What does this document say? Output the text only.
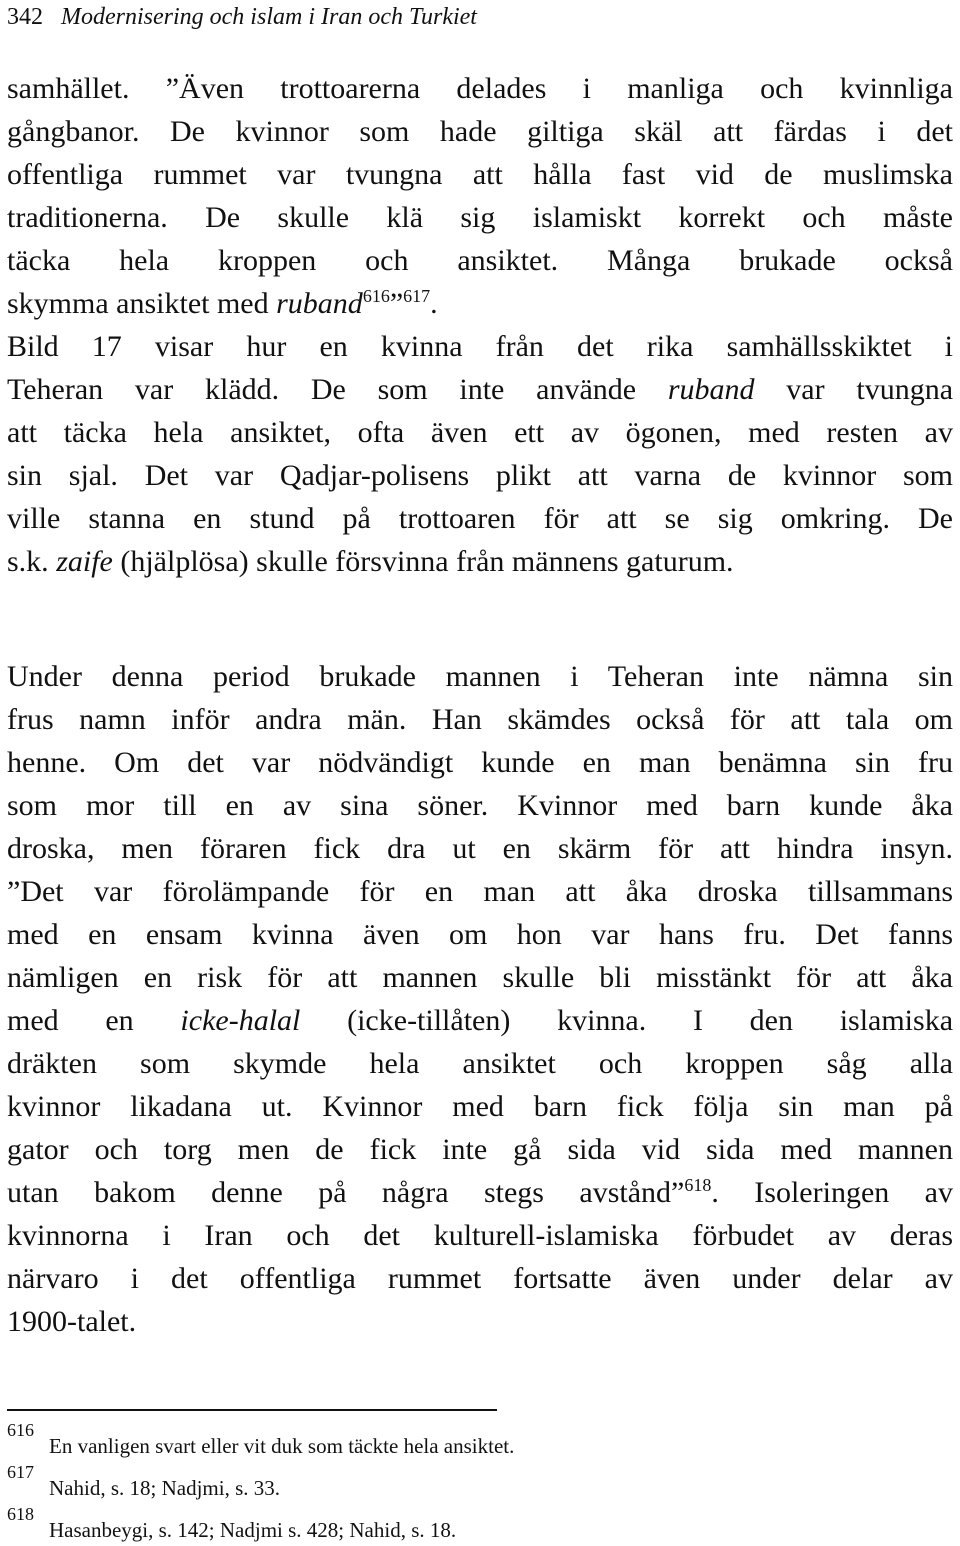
342 Modernisering och islam i Iran och Turkiet
samhället. ”Även trottoarerna delades i manliga och kvinnliga
gångbanor. De kvinnor som hade giltiga skäl att färdas i det
offentliga rummet var tvungna att hålla fast vid de muslimska
traditionerna. De skulle klä sig islamiskt korrekt och måste
täcka hela kroppen och ansiktet. Många brukade också
skymma ansiktet med ruband$^{616}$”$^{617}$.
Bild 17 visar hur en kvinna från det rika samhällsskiktet i
Teheran var klädd. De som inte använde ruband var tvungna
att täcka hela ansiktet, ofta även ett av ögonen, med resten av
sin sjal. Det var Qadjar-polisens plikt att varna de kvinnor som
ville stanna en stund på trottoaren för att se sig omkring. De
s.k. zaife (hjälplösa) skulle försvinna från männens gaturum.
Under denna period brukade mannen i Teheran inte nämna sin
frus namn inför andra män. Han skämdes också för att tala om
henne. Om det var nödvändigt kunde en man benämna sin fru
som mor till en av sina söner. Kvinnor med barn kunde åka
droska, men föraren fick dra ut en skärm för att hindra insyn.
”Det var förolämpande för en man att åka droska tillsammans
med en ensam kvinna även om hon var hans fru. Det fanns
nämligen en risk för att mannen skulle bli misstänkt för att åka
med en icke-halal (icke-tillåten) kvinna. I den islamiska
dräkten som skymde hela ansiktet och kroppen såg alla
kvinnor likadana ut. Kvinnor med barn fick följa sin man på
gator och torg men de fick inte gå sida vid sida med mannen
utan bakom denne på några stegs avstånd”$^{618}$. Isoleringen av
kvinnorna i Iran och det kulturell-islamiska förbudet av deras
närvaro i det offentliga rummet fortsatte även under delar av
1900-talet.
616
En vanligen svart eller vit duk som täckte hela ansiktet.
617
Nahid, s. 18; Nadjmi, s. 33.
618
Hasanbeygi, s. 142; Nadjmi s. 428; Nahid, s. 18.
